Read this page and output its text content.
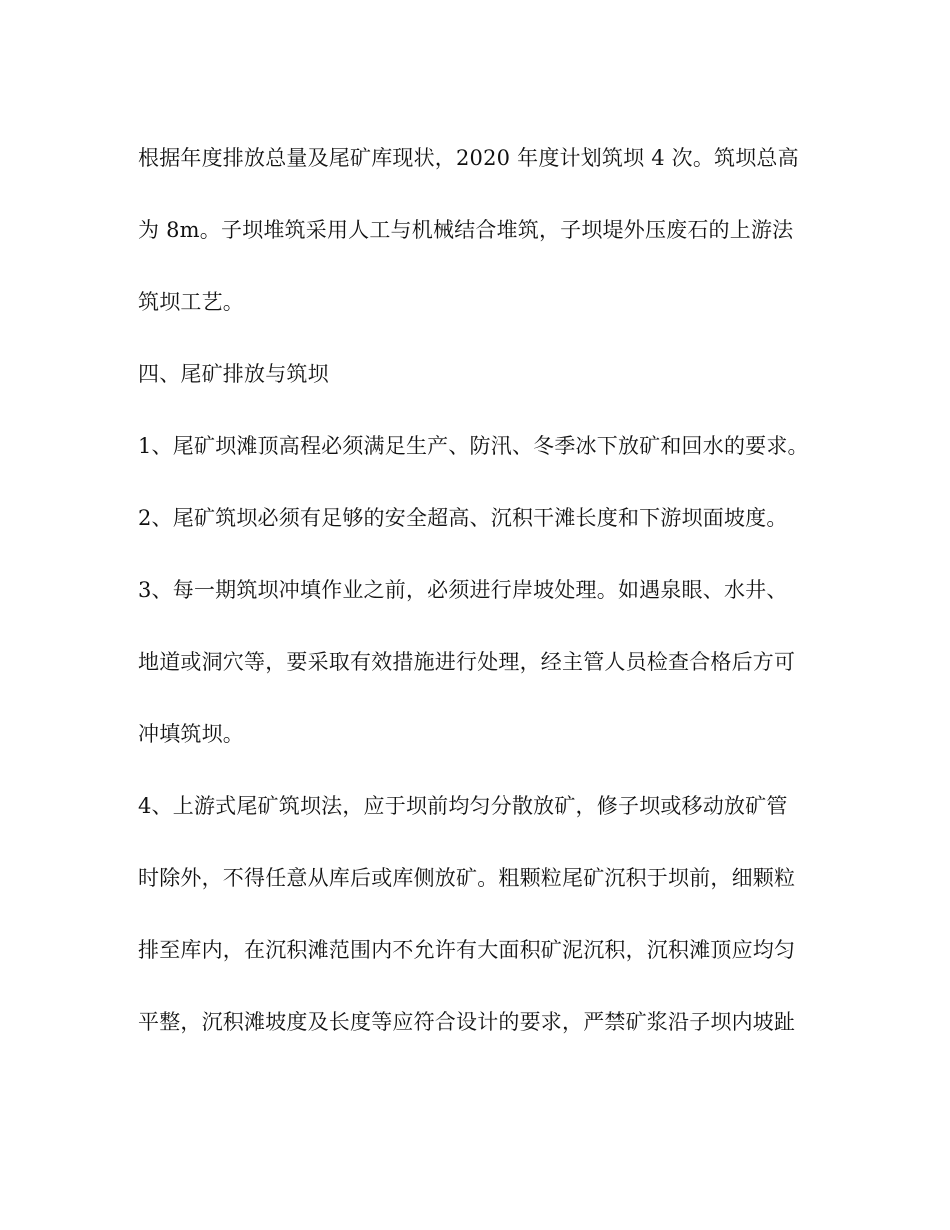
根据年度排放总量及尾矿库现状，2020 年度计划筑坝 4 次。筑坝总高
为 8m。子坝堆筑采用人工与机械结合堆筑，子坝堤外压废石的上游法
筑坝工艺。
四、尾矿排放与筑坝
1、尾矿坝滩顶高程必须满足生产、防汛、冬季冰下放矿和回水的要求。
2、尾矿筑坝必须有足够的安全超高、沉积干滩长度和下游坝面坡度。
3、每一期筑坝冲填作业之前，必须进行岸坡处理。如遇泉眼、水井、
地道或洞穴等，要采取有效措施进行处理，经主管人员检查合格后方可
冲填筑坝。
4、上游式尾矿筑坝法，应于坝前均匀分散放矿，修子坝或移动放矿管
时除外，不得任意从库后或库侧放矿。粗颗粒尾矿沉积于坝前，细颗粒
排至库内，在沉积滩范围内不允许有大面积矿泥沉积，沉积滩顶应均匀
平整，沉积滩坡度及长度等应符合设计的要求，严禁矿浆沿子坝内坡趾
